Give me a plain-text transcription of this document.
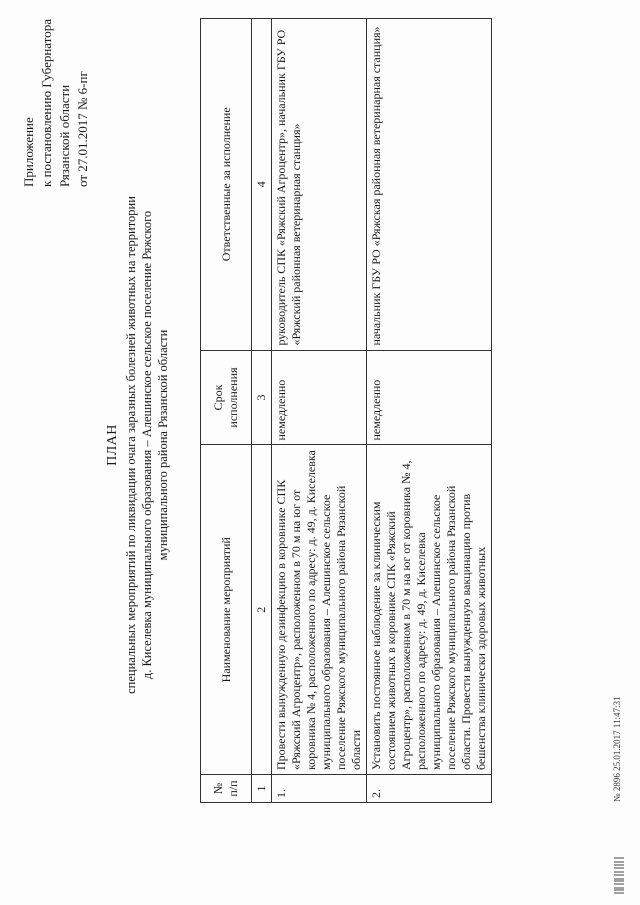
Приложение к постановлению Губернатора Рязанской области от 27.01.2017 № 6-пг
ПЛАН специальных мероприятий по ликвидации очага заразных болезней животных на территории д. Киселевка муниципального образования – Алешинское сельское поселение Ряжского муниципального района Рязанской области
№ п/п	Наименование мероприятий	Срок исполнения	Ответственные за исполнение
1	2	3	4
1.	Провести вынужденную дезинфекцию в коровнике СПК «Ряжский Агроцентр», расположенном в 70 м на юг от коровника № 4, расположенного по адресу: д. 49, д. Киселевка муниципального образования – Алешинское сельское поселение Ряжского муниципального района Рязанской области	немедленно	руководитель СПК «Ряжский Агроцентр», начальник ГБУ РО «Ряжский районная ветеринарная станция»
2.	Установить постоянное наблюдение за клиническим состоянием животных в коровнике СПК «Ряжский Агроцентр», расположенном в 70 м на юг от коровника № 4, расположенного по адресу: д. 49, д. Киселевка муниципального образования – Алешинское сельское поселение Ряжского муниципального района Рязанской области. Провести вынужденную вакцинацию против бешенства клинически здоровых животных	немедленно	начальник ГБУ РО «Ряжская районная ветеринарная станция»
№ 2896 25.01.2017 11:47:31
